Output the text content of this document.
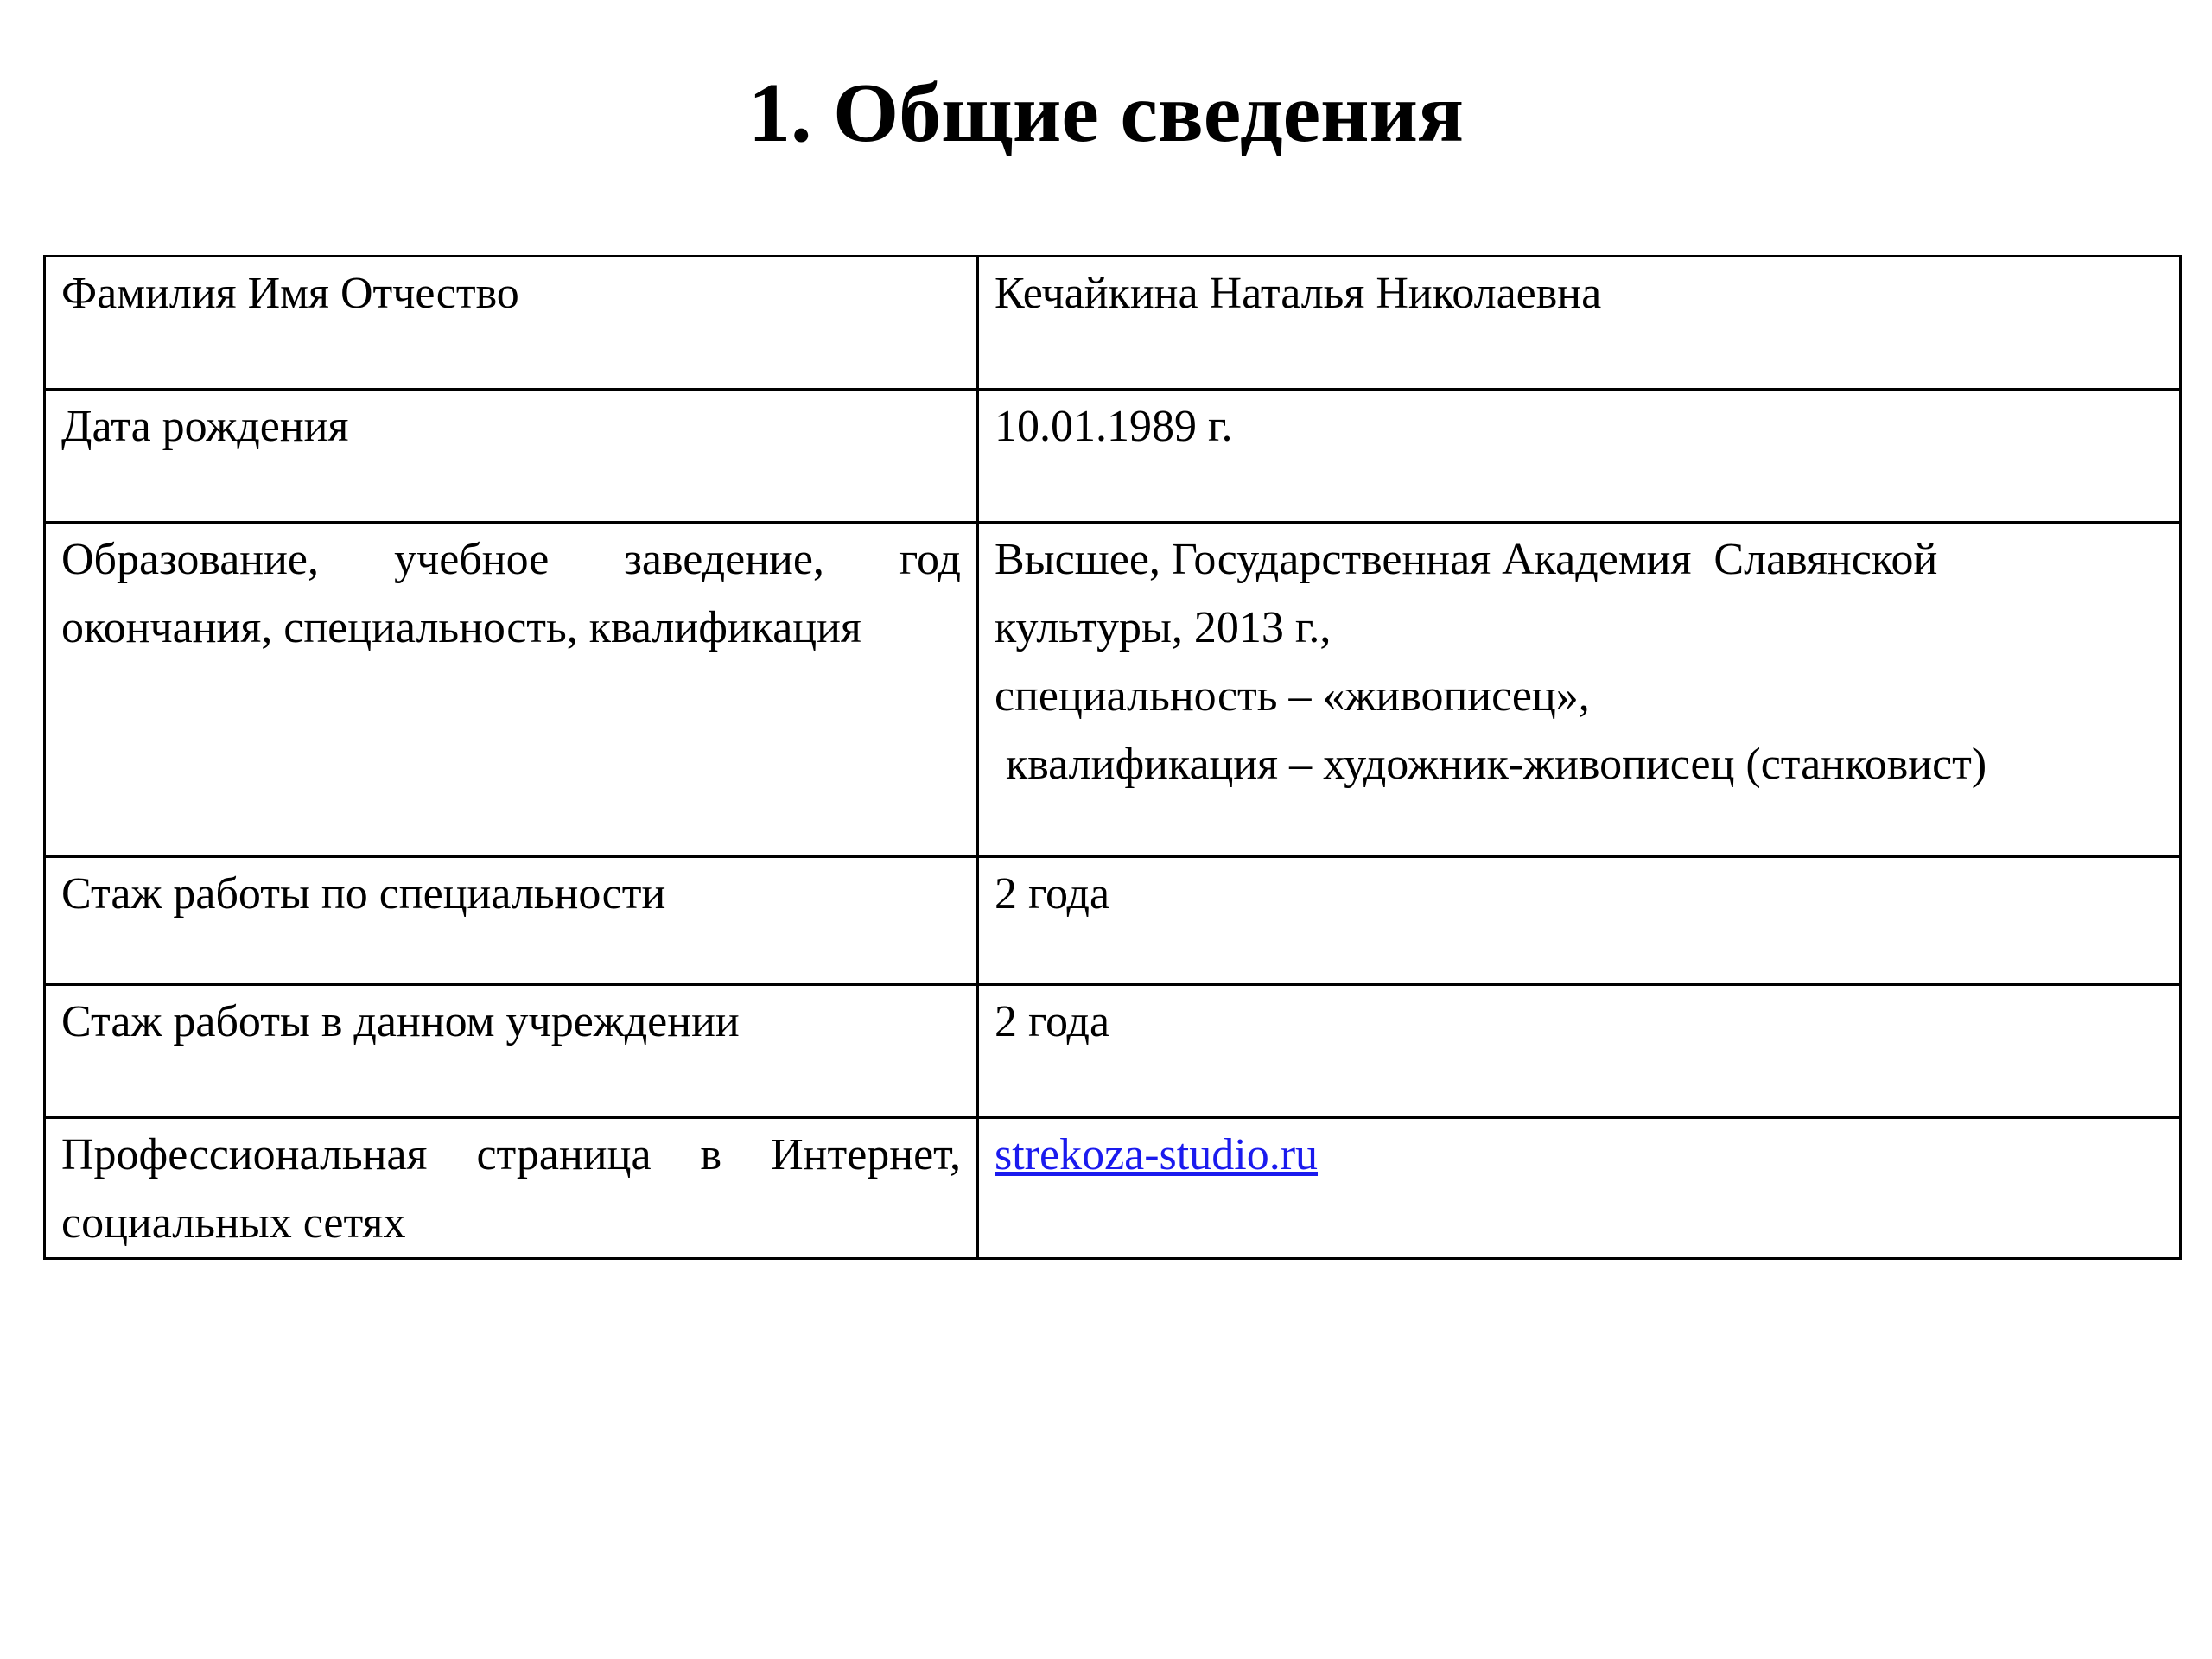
1. Общие сведения
Фамилия Имя Отчество	Кечайкина Наталья Николаевна
Дата рождения	10.01.1989 г.
Образование, учебное заведение, год окончания, специальность, квалификация	Высшее, Государственная Академия  Славянской
культуры, 2013 г.,
специальность – «живописец»,
квалификация – художник-живописец (станковист)

Стаж работы по специальности	2 года
Стаж работы в данном учреждении	2 года
Профессиональная страница в Интернет, социальных сетях	strekoza-studio.ru
